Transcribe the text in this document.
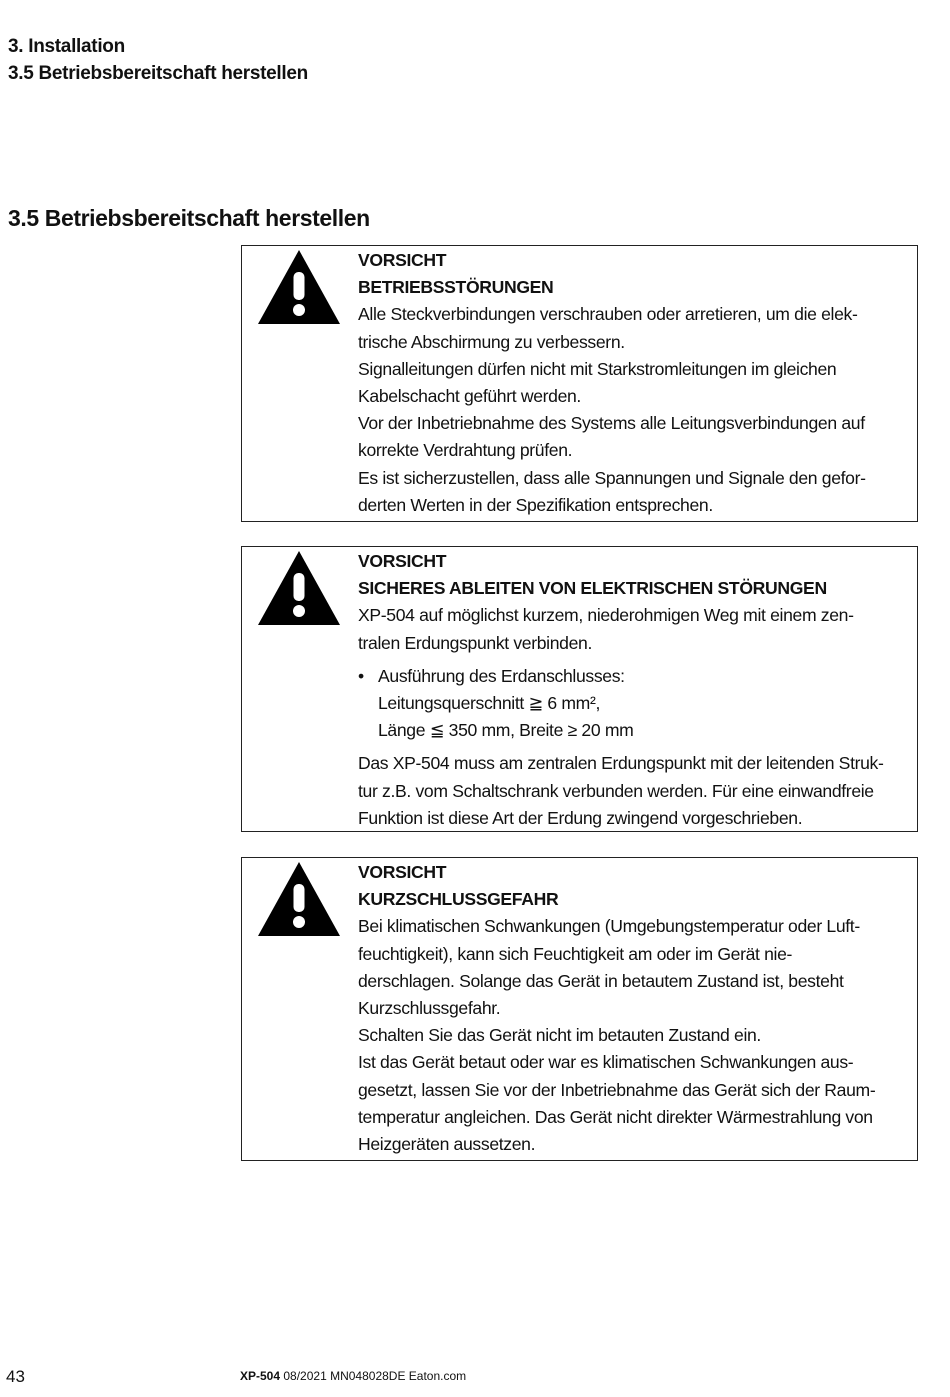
3. Installation
3.5 Betriebsbereitschaft herstellen
3.5 Betriebsbereitschaft herstellen
VORSICHT
BETRIEBSSTÖRUNGEN

Alle Steckverbindungen verschrauben oder arretieren, um die elek-

trische Abschirmung zu verbessern.

Signalleitungen dürfen nicht mit Starkstromleitungen im gleichen

Kabelschacht geführt werden.

Vor der Inbetriebnahme des Systems alle Leitungsverbindungen auf

korrekte Verdrahtung prüfen.

Es ist sicherzustellen, dass alle Spannungen und Signale den gefor-

derten Werten in der Spezifikation entsprechen.

VORSICHT
SICHERES ABLEITEN VON ELEKTRISCHEN STÖRUNGEN

XP-504 auf möglichst kurzem, niederohmigen Weg mit einem zen-

tralen Erdungspunkt verbinden.

• Ausführung des Erdanschlusses:
Leitungsquerschnitt ≧ 6 mm²,
Länge ≦ 350 mm, Breite ≥ 20 mm

Das XP-504 muss am zentralen Erdungspunkt mit der leitenden Struk-

tur z.B. vom Schaltschrank verbunden werden. Für eine einwandfreie

Funktion ist diese Art der Erdung zwingend vorgeschrieben.

VORSICHT
KURZSCHLUSSGEFAHR

Bei klimatischen Schwankungen (Umgebungstemperatur oder Luft-

feuchtigkeit), kann sich Feuchtigkeit am oder im Gerät nie-

derschlagen. Solange das Gerät in betautem Zustand ist, besteht

Kurzschlussgefahr.

Schalten Sie das Gerät nicht im betauten Zustand ein.

Ist das Gerät betaut oder war es klimatischen Schwankungen aus-

gesetzt, lassen Sie vor der Inbetriebnahme das Gerät sich der Raum-

temperatur angleichen. Das Gerät nicht direkter Wärmestrahlung von

Heizgeräten aussetzen.

43	XP-504 08/2021 MN048028DE Eaton.com
